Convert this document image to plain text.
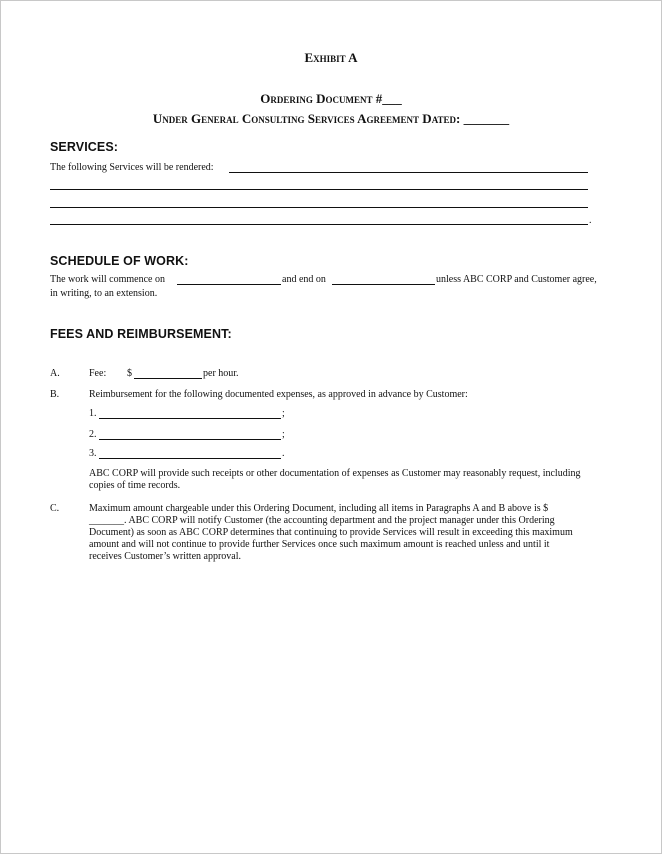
Exhibit A
Ordering Document #___
Under General Consulting Services Agreement Dated: _______
SERVICES:
The following Services will be rendered:
.
SCHEDULE OF WORK:
The work will commence on	and end on	unless ABC CORP and Customer agree,
in writing, to an extension.
FEES AND REIMBURSEMENT:
A.	Fee: $	per hour.
B.	Reimbursement for the following documented expenses, as approved in advance by Customer:
1.	;
2.	;
3.	.
ABC CORP will provide such receipts or other documentation of expenses as Customer may reasonably request, including
copies of time records.
C.	Maximum amount chargeable under this Ordering Document, including all items in Paragraphs A and B above is $
_______. ABC CORP will notify Customer (the accounting department and the project manager under this Ordering
Document) as soon as ABC CORP determines that continuing to provide Services will result in exceeding this maximum
amount and will not continue to provide further Services once such maximum amount is reached unless and until it
receives Customer’s written approval.
